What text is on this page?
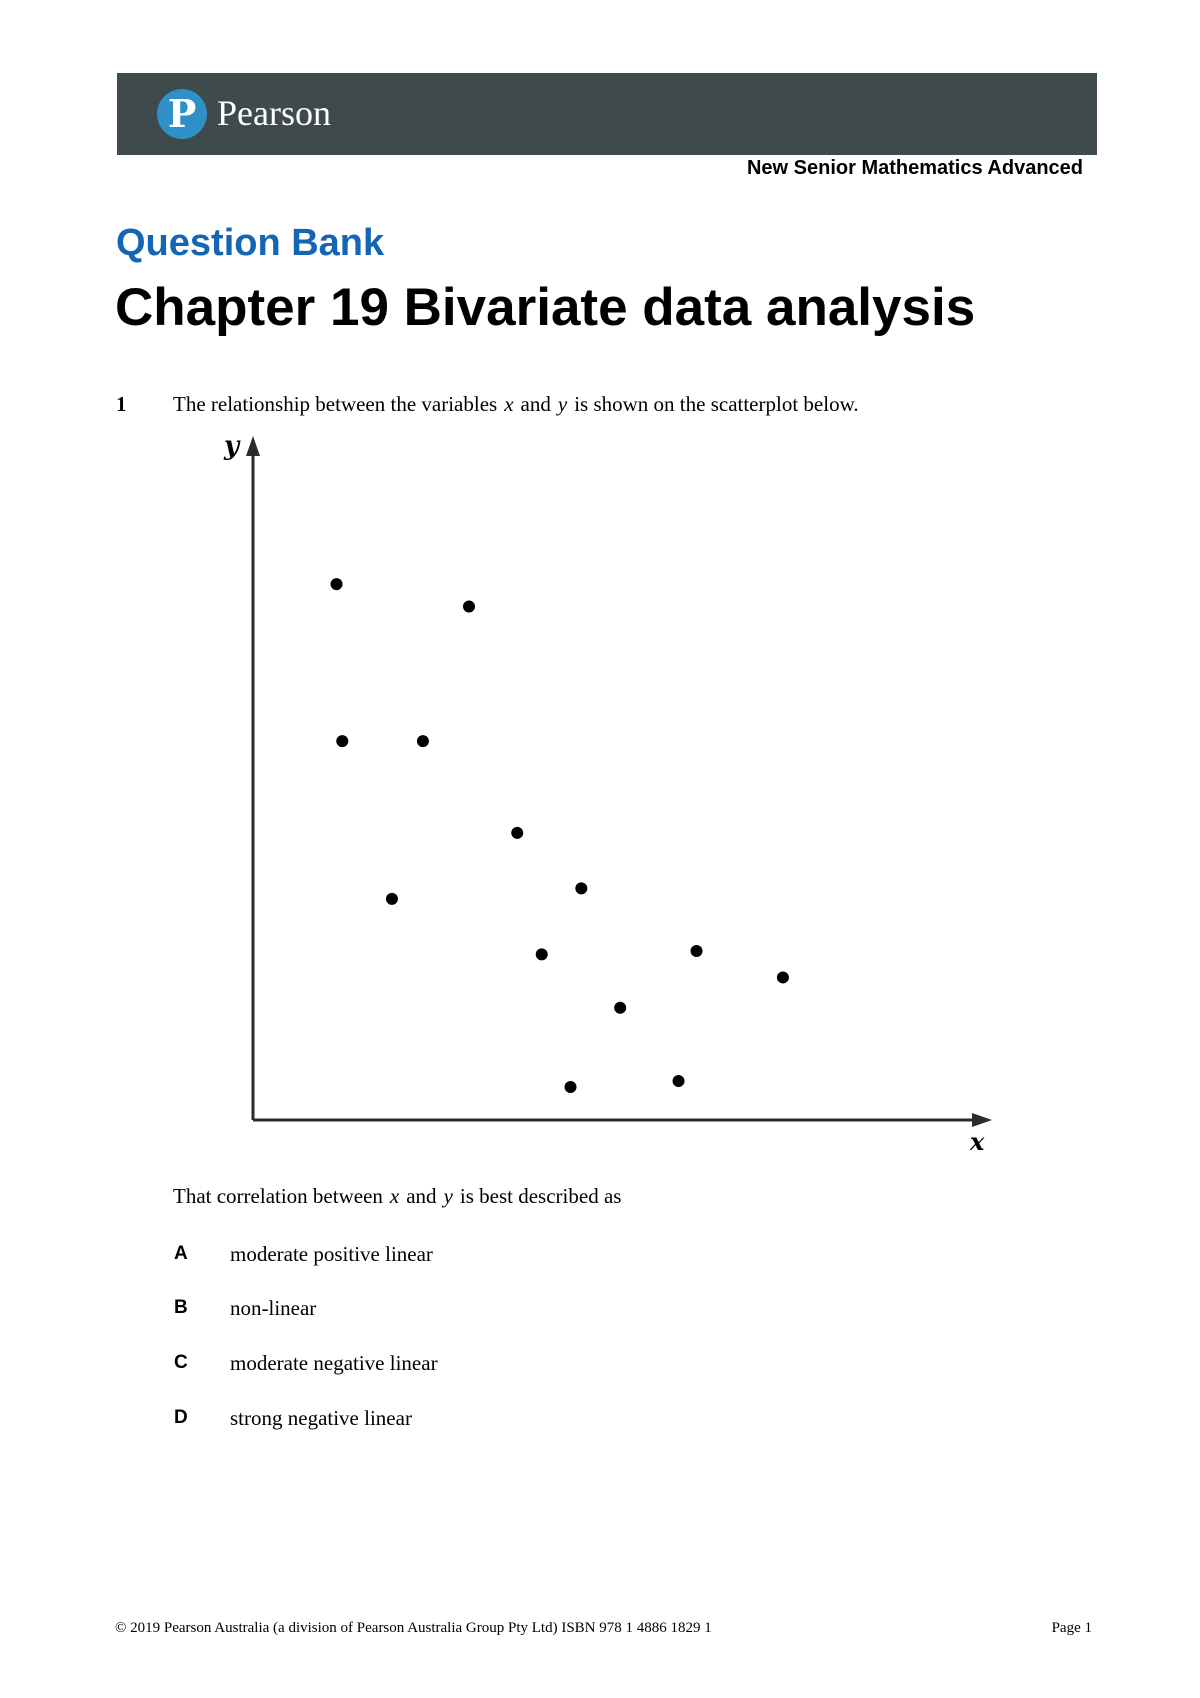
P Pearson
New Senior Mathematics Advanced
Question Bank
Chapter 19 Bivariate data analysis
1 The relationship between the variables x and y is shown on the scatterplot below.
y
x
That correlation between x and y is best described as
A moderate positive linear
B non-linear
C moderate negative linear
D strong negative linear
© 2019 Pearson Australia (a division of Pearson Australia Group Pty Ltd) ISBN 978 1 4886 1829 1	Page 1
